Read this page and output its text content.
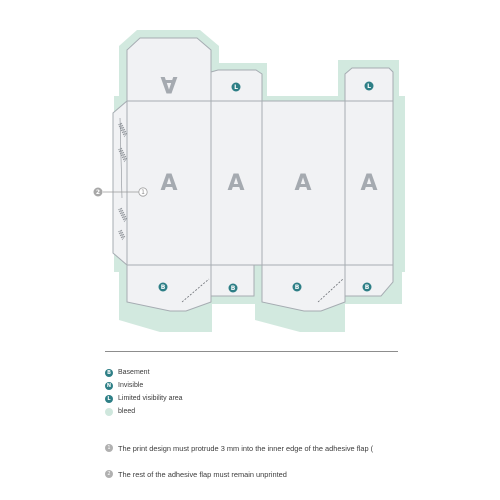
A
A A A A
L	L
B	B	B	B
2	1
B Basement
N Invisible
L	Limited visibility area
bleed
1	The print design must protrude 3 mm into the inner edge of the adhesive flap (
2	The rest of the adhesive flap must remain unprinted
